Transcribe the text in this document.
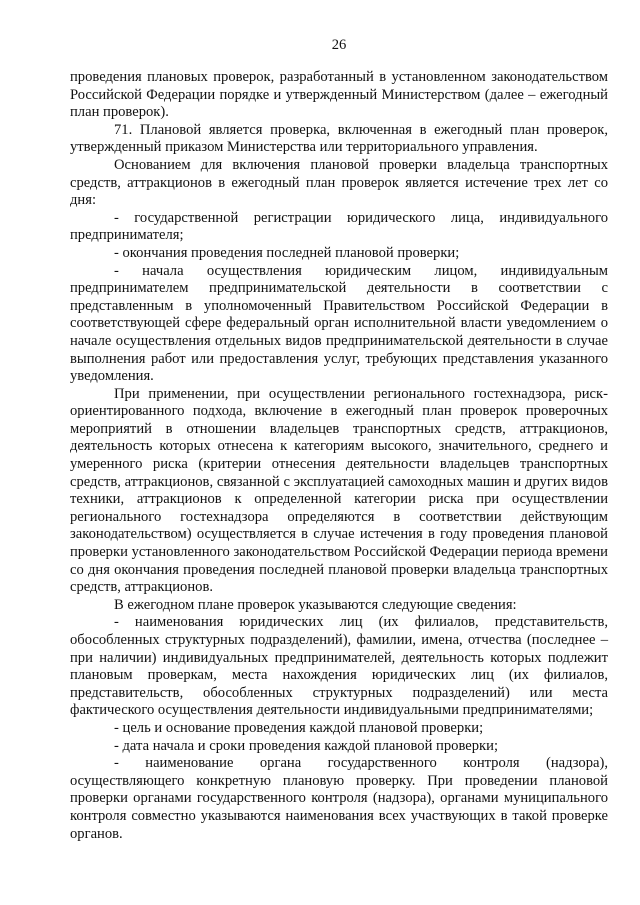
26

проведения плановых проверок, разработанный в установленном законодательством Российской Федерации порядке и утвержденный Министерством (далее – ежегодный план проверок).

71. Плановой является проверка, включенная в ежегодный план проверок, утвержденный приказом Министерства или территориального управления.

Основанием для включения плановой проверки владельца транспортных средств, аттракционов в ежегодный план проверок является истечение трех лет со дня:

- государственной регистрации юридического лица, индивидуального предпринимателя;

- окончания проведения последней плановой проверки;

- начала осуществления юридическим лицом, индивидуальным предпринимателем предпринимательской деятельности в соответствии с представленным в уполномоченный Правительством Российской Федерации в соответствующей сфере федеральный орган исполнительной власти уведомлением о начале осуществления отдельных видов предпринимательской деятельности в случае выполнения работ или предоставления услуг, требующих представления указанного уведомления.

При применении, при осуществлении регионального гостехнадзора, риск-ориентированного подхода, включение в ежегодный план проверок проверочных мероприятий в отношении владельцев транспортных средств, аттракционов, деятельность которых отнесена к категориям высокого, значительного, среднего и умеренного риска (критерии отнесения деятельности владельцев транспортных средств, аттракционов, связанной с эксплуатацией самоходных машин и других видов техники, аттракционов к определенной категории риска при осуществлении регионального гостехнадзора определяются в соответствии действующим законодательством) осуществляется в случае истечения в году проведения плановой проверки установленного законодательством Российской Федерации периода времени со дня окончания проведения последней плановой проверки владельца транспортных средств, аттракционов.

В ежегодном плане проверок указываются следующие сведения:

- наименования юридических лиц (их филиалов, представительств, обособленных структурных подразделений), фамилии, имена, отчества (последнее – при наличии) индивидуальных предпринимателей, деятельность которых подлежит плановым проверкам, места нахождения юридических лиц (их филиалов, представительств, обособленных структурных подразделений) или места фактического осуществления деятельности индивидуальными предпринимателями;

- цель и основание проведения каждой плановой проверки;

- дата начала и сроки проведения каждой плановой проверки;

- наименование органа государственного контроля (надзора), осуществляющего конкретную плановую проверку. При проведении плановой проверки органами государственного контроля (надзора), органами муниципального контроля совместно указываются наименования всех участвующих в такой проверке органов.
